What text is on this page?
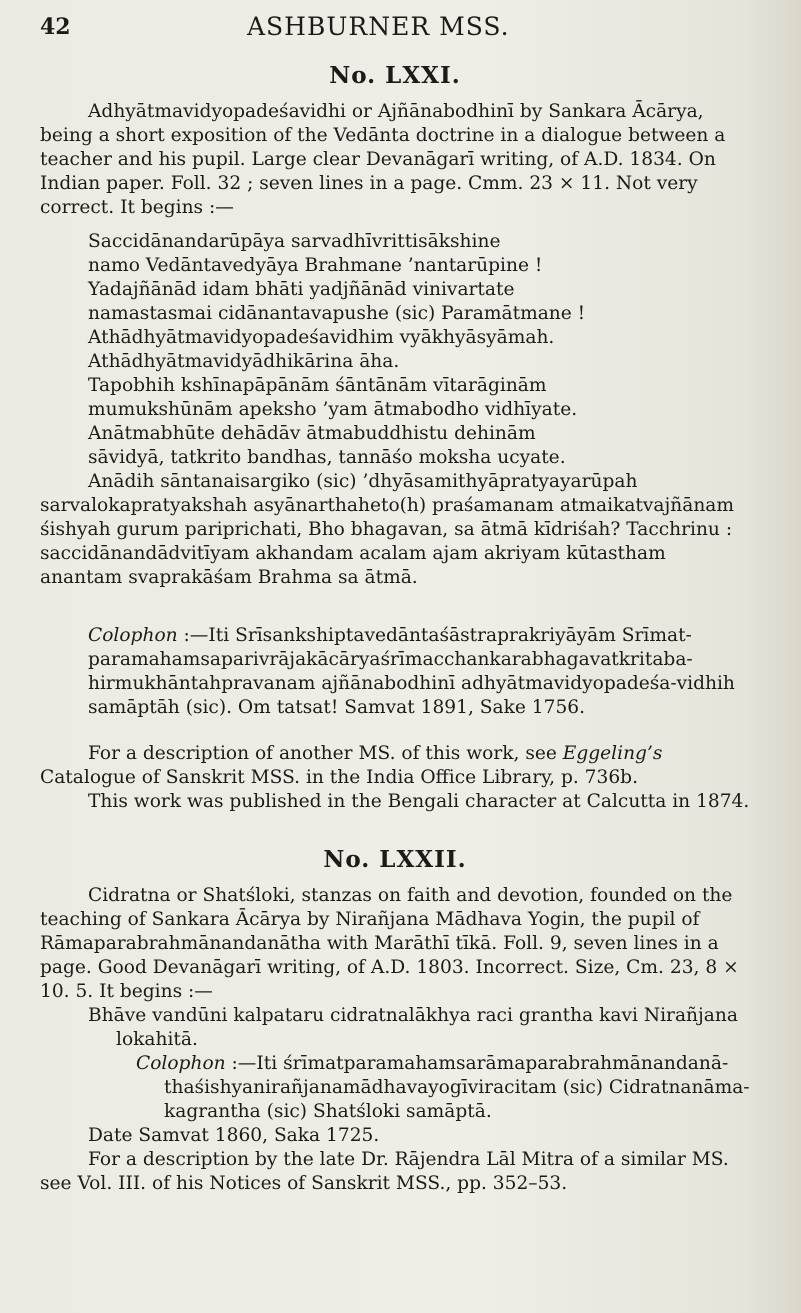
42	ASHBURNER MSS.
No. LXXI.

Adhyātmavidyopadeśavidhi or Ajñānabodhinī by Sankara Ācārya, being a short exposition of the Vedānta doctrine in a dialogue between a teacher and his pupil. Large clear Devanāgarī writing, of A.D. 1834. On Indian paper. Foll. 32 ; seven lines in a page. Cmm. 23 × 11. Not very correct. It begins :—

Saccidānandarūpāya sarvadhīvrittisākshine
namo Vedāntavedyāya Brahmane ’nantarūpine !
Yadajñānād idam bhāti yadjñānād vinivartate
namastasmai cidānantavapushe (sic) Paramātmane !
Athādhyātmavidyopadeśavidhim vyākhyāsyāmah.
Athādhyātmavidyādhikārina āha.
Tapobhih kshīnapāpānām śāntānām vītarāginām
mumukshūnām apeksho ’yam ātmabodho vidhīyate.
Anātmabhūte dehādāv ātmabuddhistu dehinām
sāvidyā, tatkrito bandhas, tannāśo moksha ucyate.

Anādih sāntanaisargiko (sic) ’dhyāsamithyāpratyayarūpah sarvalokapratyakshah asyānarthaheto(h) praśamanam atmaikatvajñānam śishyah gurum pariprichati, Bho bhagavan, sa ātmā kīdriśah? Tacchrinu : saccidānandādvitīyam akhandam acalam ajam akriyam kūtastham anantam svaprakāśam Brahma sa ātmā.

Colophon :—Iti Srīsankshiptavedāntaśāstraprakriyāyām Srīmat-paramahamsaparivrājakācāryaśrīmacchankarabhagavatkritaba-hirmukhāntahpravanam ajñānabodhinī adhyātmavidyopadeśa-vidhih samāptāh (sic). Om tatsat! Samvat 1891, Sake 1756.

For a description of another MS. of this work, see Eggeling’s Catalogue of Sanskrit MSS. in the India Office Library, p. 736b.

This work was published in the Bengali character at Calcutta in 1874.

No. LXXII.

Cidratna or Shatśloki, stanzas on faith and devotion, founded on the teaching of Sankara Ācārya by Nirañjana Mādhava Yogin, the pupil of Rāmaparabrahmānandanātha with Marāthī tīkā. Foll. 9, seven lines in a page. Good Devanāgarī writing, of A.D. 1803. Incorrect. Size, Cm. 23, 8 × 10. 5. It begins :—

Bhāve vandūni kalpataru cidratnalākhya raci grantha kavi Nirañjana lokahitā.

Colophon :—Iti śrīmatparamahamsarāmaparabrahmānandanā-thaśishyanirañjanamādhavayogīviracitam (sic) Cidratnanāma-kagrantha (sic) Shatśloki samāptā.

Date Samvat 1860, Saka 1725.

For a description by the late Dr. Rājendra Lāl Mitra of a similar MS. see Vol. III. of his Notices of Sanskrit MSS., pp. 352–53.
